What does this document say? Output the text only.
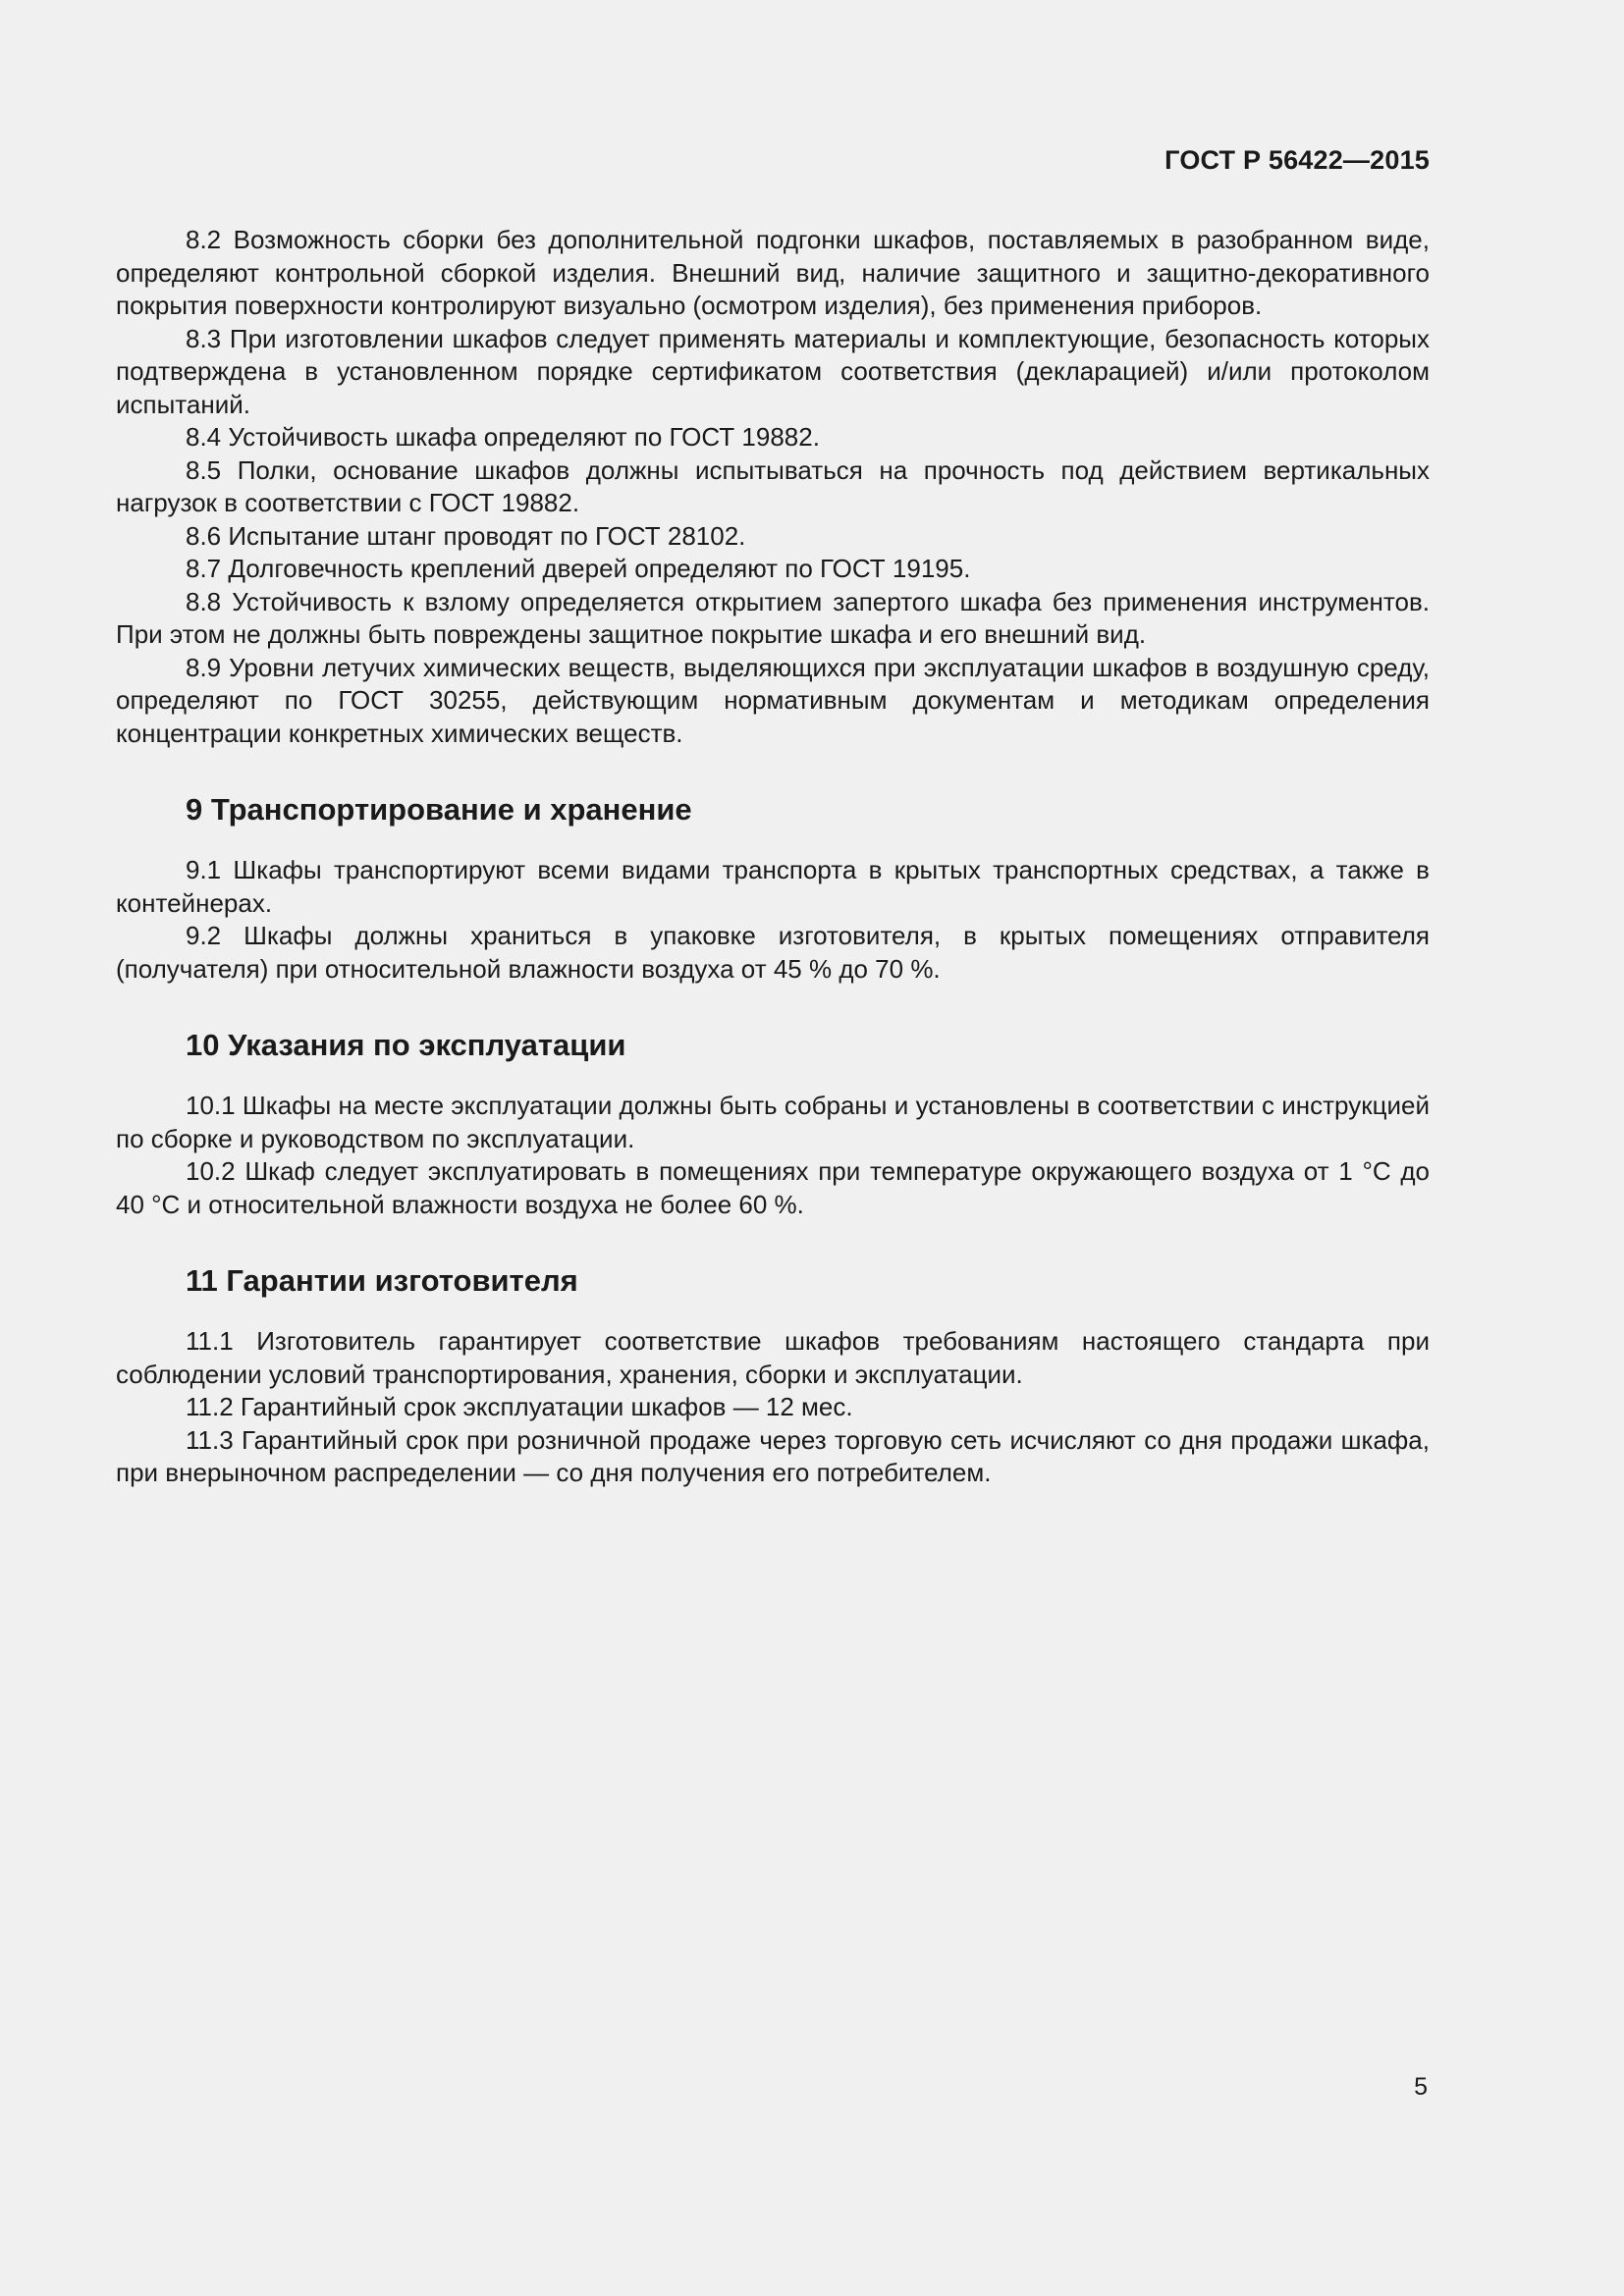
ГОСТ Р 56422—2015

8.2 Возможность сборки без дополнительной подгонки шкафов, поставляемых в разобранном виде, определяют контрольной сборкой изделия. Внешний вид, наличие защитного и защитно-декоративного покрытия поверхности контролируют визуально (осмотром изделия), без применения приборов.

8.3 При изготовлении шкафов следует применять материалы и комплектующие, безопасность которых подтверждена в установленном порядке сертификатом соответствия (декларацией) и/или протоколом испытаний.

8.4 Устойчивость шкафа определяют по ГОСТ 19882.

8.5 Полки, основание шкафов должны испытываться на прочность под действием вертикальных нагрузок в соответствии с ГОСТ 19882.

8.6 Испытание штанг проводят по ГОСТ 28102.

8.7 Долговечность креплений дверей определяют по ГОСТ 19195.

8.8 Устойчивость к взлому определяется открытием запертого шкафа без применения инструментов. При этом не должны быть повреждены защитное покрытие шкафа и его внешний вид.

8.9 Уровни летучих химических веществ, выделяющихся при эксплуатации шкафов в воздушную среду, определяют по ГОСТ 30255, действующим нормативным документам и методикам определения концентрации конкретных химических веществ.

9 Транспортирование и хранение

9.1 Шкафы транспортируют всеми видами транспорта в крытых транспортных средствах, а также в контейнерах.

9.2 Шкафы должны храниться в упаковке изготовителя, в крытых помещениях отправителя (получателя) при относительной влажности воздуха от 45 % до 70 %.

10 Указания по эксплуатации

10.1 Шкафы на месте эксплуатации должны быть собраны и установлены в соответствии с инструкцией по сборке и руководством по эксплуатации.

10.2 Шкаф следует эксплуатировать в помещениях при температуре окружающего воздуха от 1 °С до 40 °С и относительной влажности воздуха не более 60 %.

11 Гарантии изготовителя

11.1 Изготовитель гарантирует соответствие шкафов требованиям настоящего стандарта при соблюдении условий транспортирования, хранения, сборки и эксплуатации.

11.2 Гарантийный срок эксплуатации шкафов — 12 мес.

11.3 Гарантийный срок при розничной продаже через торговую сеть исчисляют со дня продажи шкафа, при внерыночном распределении — со дня получения его потребителем.

5
